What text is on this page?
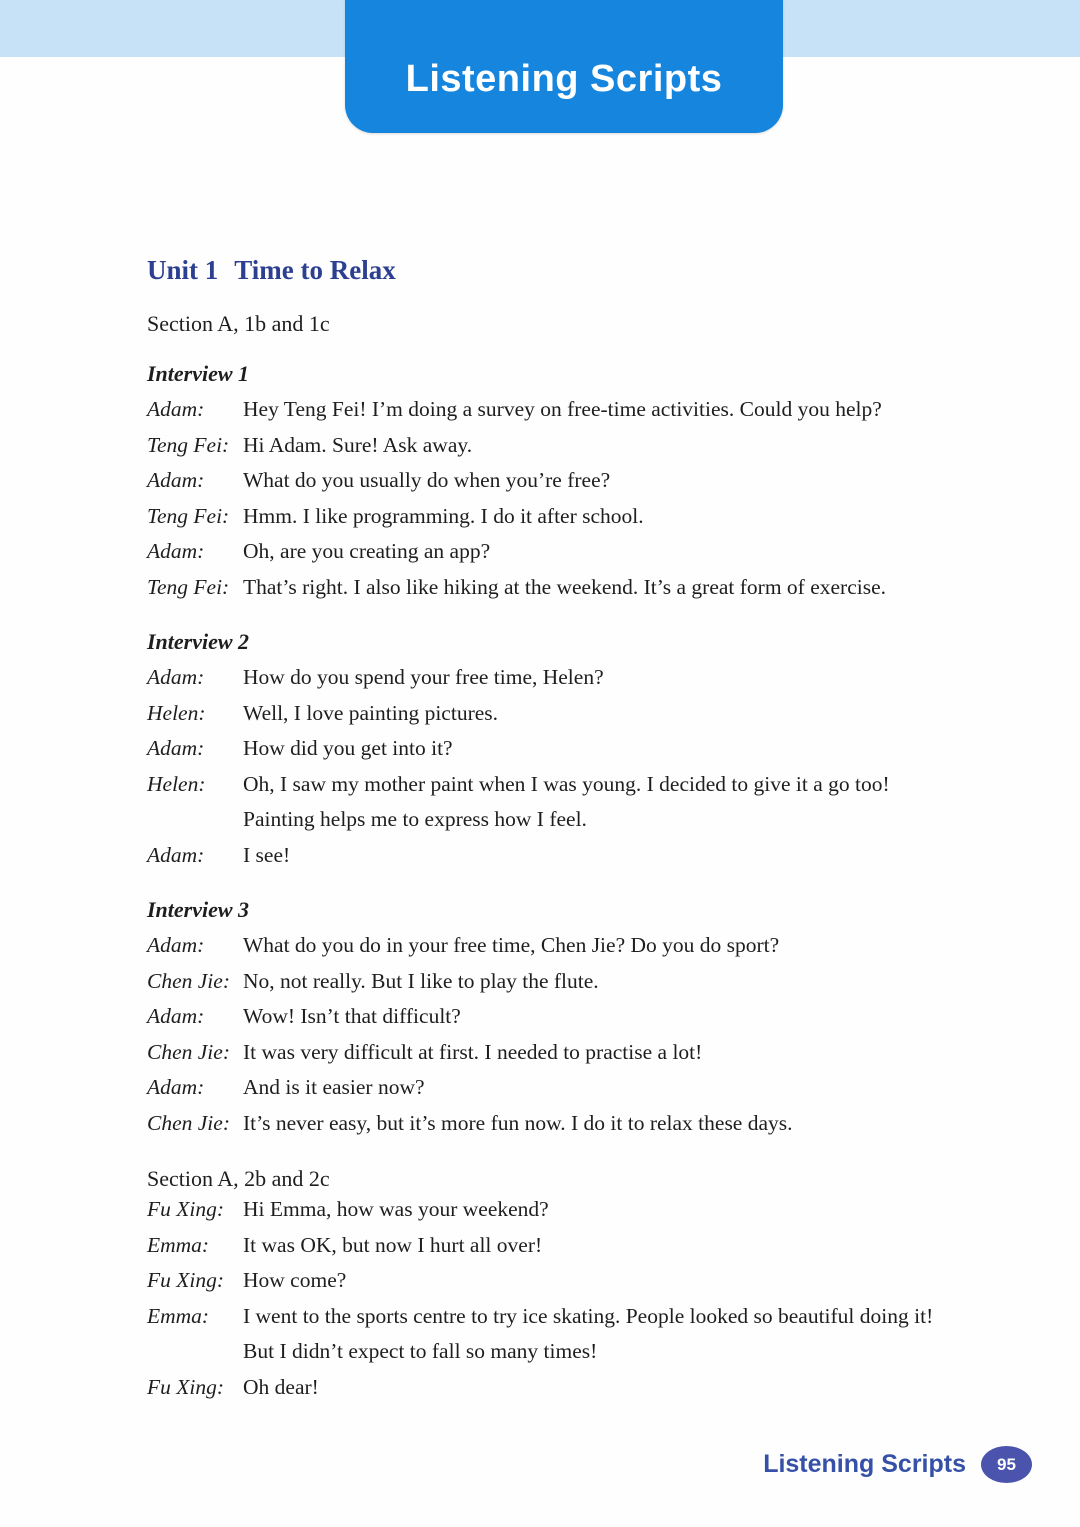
Listening Scripts
Unit 1 Time to Relax
Section A, 1b and 1c
Interview 1
Adam:	Hey Teng Fei! I’m doing a survey on free-time activities. Could you help?
Teng Fei: Hi Adam. Sure! Ask away.
Adam:	What do you usually do when you’re free?
Teng Fei: Hmm. I like programming. I do it after school.
Adam:	Oh, are you creating an app?
Teng Fei: That’s right. I also like hiking at the weekend. It’s a great form of exercise.
Interview 2
Adam:	How do you spend your free time, Helen?
Helen:	Well, I love painting pictures.
Adam:	How did you get into it?
Helen:	Oh, I saw my mother paint when I was young. I decided to give it a go too!
Painting helps me to express how I feel.
Adam:	I see!
Interview 3
Adam:	What do you do in your free time, Chen Jie? Do you do sport?
Chen Jie: No, not really. But I like to play the flute.
Adam:	Wow! Isn’t that difficult?
Chen Jie: It was very difficult at first. I needed to practise a lot!
Adam:	And is it easier now?
Chen Jie: It’s never easy, but it’s more fun now. I do it to relax these days.
Section A, 2b and 2c
Fu Xing: Hi Emma, how was your weekend?
Emma:	It was OK, but now I hurt all over!
Fu Xing: How come?
Emma:	I went to the sports centre to try ice skating. People looked so beautiful doing it!
But I didn’t expect to fall so many times!
Fu Xing: Oh dear!
Listening Scripts	95
